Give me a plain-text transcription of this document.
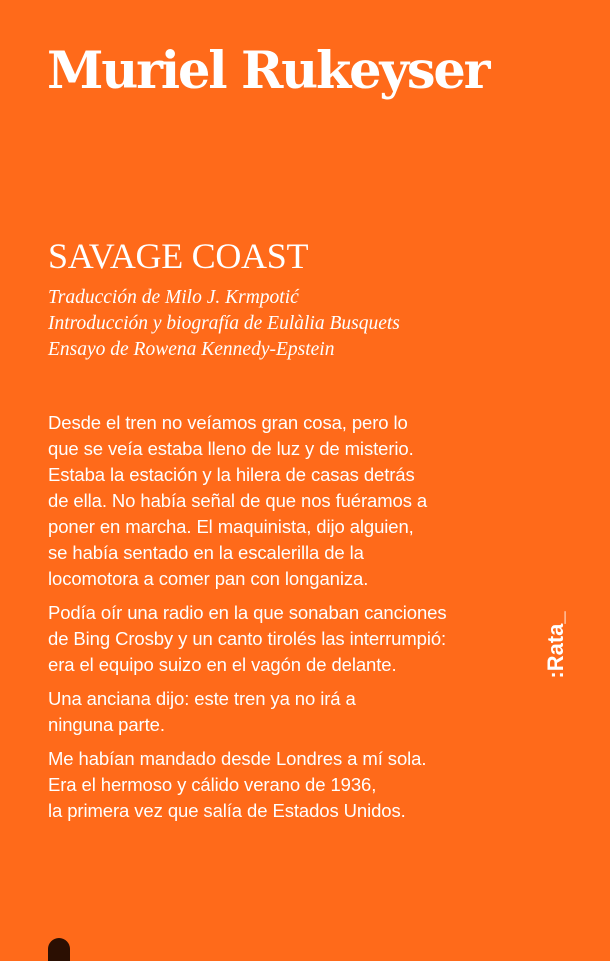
Muriel Rukeyser
SAVAGE COAST
Traducción de Milo J. Krmpotić
Introducción y biografía de Eulàlia Busquets
Ensayo de Rowena Kennedy-Epstein

Desde el tren no veíamos gran cosa, pero lo
que se veía estaba lleno de luz y de misterio.
Estaba la estación y la hilera de casas detrás
de ella. No había señal de que nos fuéramos a
poner en marcha. El maquinista, dijo alguien,
se había sentado en la escalerilla de la
locomotora a comer pan con longaniza.

Podía oír una radio en la que sonaban canciones
de Bing Crosby y un canto tirolés las interrumpió:
era el equipo suizo en el vagón de delante.

Una anciana dijo: este tren ya no irá a
ninguna parte.

Me habían mandado desde Londres a mí sola.
Era el hermoso y cálido verano de 1936,
la primera vez que salía de Estados Unidos.

:Rata_
